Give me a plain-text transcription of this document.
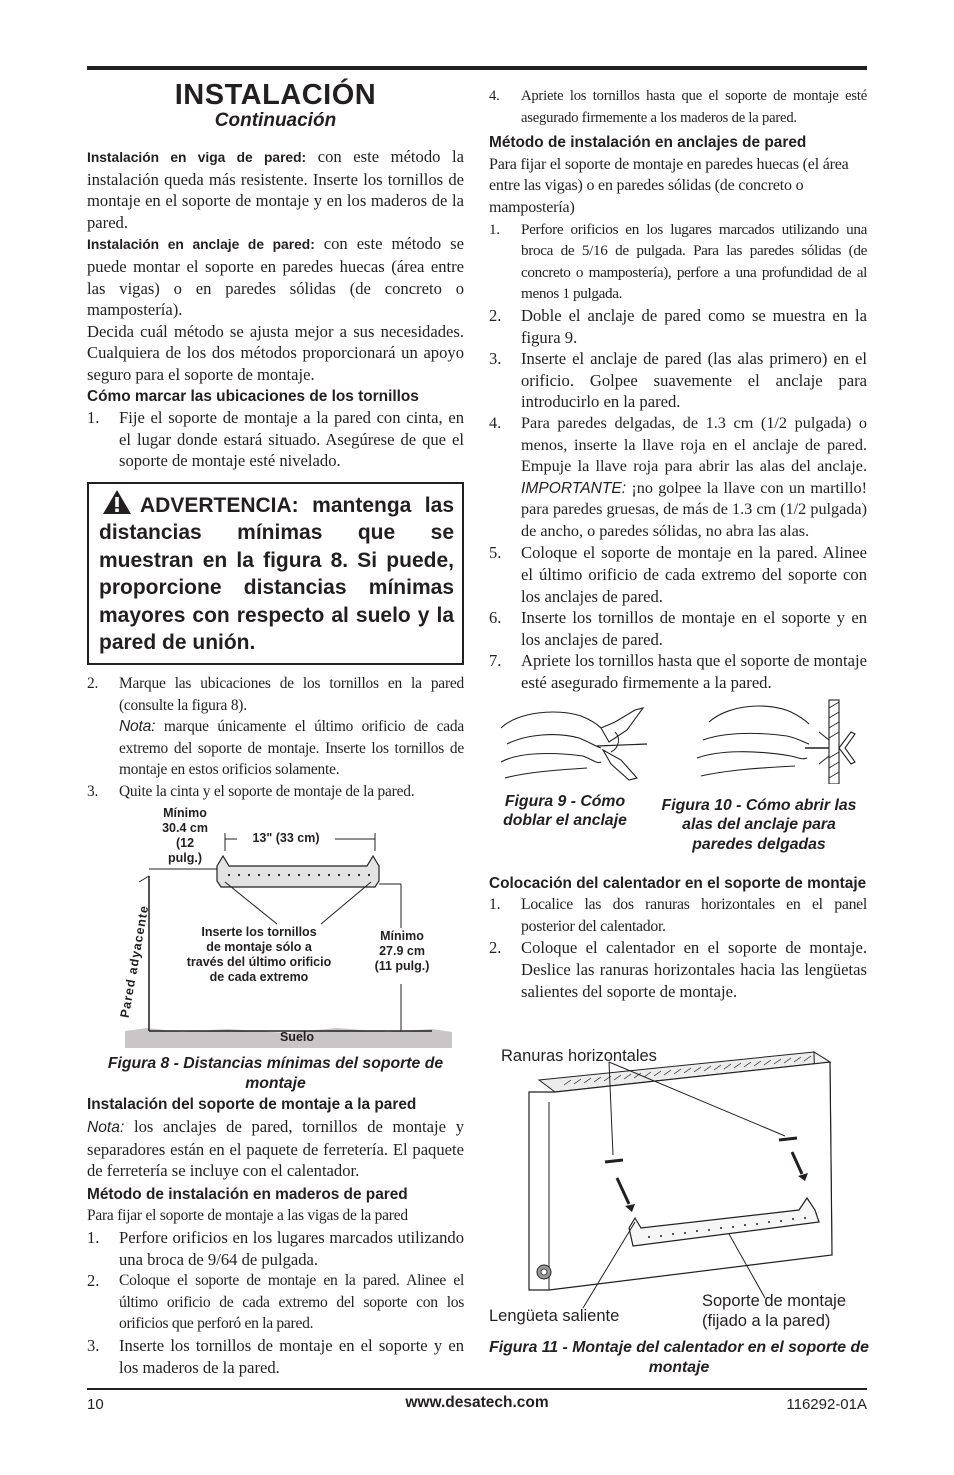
INSTALACIÓN
Continuación

Instalación en viga de pared: con este método la instalación queda más resistente. Inserte los tornillos de montaje en el soporte de montaje y en los maderos de la pared.

Instalación en anclaje de pared: con este método se puede montar el soporte en paredes huecas (área entre las vigas) o en paredes sólidas (de concreto o mampostería).

Decida cuál método se ajusta mejor a sus necesidades. Cualquiera de los dos métodos proporcionará un apoyo seguro para el soporte de montaje.

Cómo marcar las ubicaciones de los tornillos

1.	Fije el soporte de montaje a la pared con cinta, en el lugar donde estará situado. Asegúrese de que el soporte de montaje esté nivelado.
ADVERTENCIA: mantenga las distancias mínimas que se muestran en la figura 8. Si puede, proporcione distancias mínimas mayores con respecto al suelo y la pared de unión.
2.	Marque las ubicaciones de los tornillos en la pared (consulte la figura 8).
Nota: marque únicamente el último orificio de cada extremo del soporte de montaje. Inserte los tornillos de montaje en estos orificios solamente.
3.	Quite la cinta y el soporte de montaje de la pared.
Mínimo
30.4 cm
(12
pulg.)
13" (33 cm)
Inserte los tornillos
de montaje sólo a
través del último orificio
de cada extremo
Mínimo
27.9 cm
(11 pulg.)
Pared adyacente
Suelo
Figura 8 - Distancias mínimas del soporte de montaje

Instalación del soporte de montaje a la pared

Nota: los anclajes de pared, tornillos de montaje y separadores están en el paquete de ferretería. El paquete de ferretería se incluye con el calentador.

Método de instalación en maderos de pared

Para fijar el soporte de montaje a las vigas de la pared

1.	Perfore orificios en los lugares marcados utilizando una broca de 9/64 de pulgada.
2.	Coloque el soporte de montaje en la pared. Alinee el último orificio de cada extremo del soporte con los orificios que perforó en la pared.
3.	Inserte los tornillos de montaje en el soporte y en los maderos de la pared.
4.	Apriete los tornillos hasta que el soporte de montaje esté asegurado firmemente a los maderos de la pared.

Método de instalación en anclajes de pared

Para fijar el soporte de montaje en paredes huecas (el área entre las vigas) o en paredes sólidas (de concreto o mampostería)

1.	Perfore orificios en los lugares marcados utilizando una broca de 5/16 de pulgada. Para las paredes sólidas (de concreto o mampostería), perfore a una profundidad de al menos 1 pulgada.
2.	Doble el anclaje de pared como se muestra en la figura 9.
3.	Inserte el anclaje de pared (las alas primero) en el orificio. Golpee suavemente el anclaje para introducirlo en la pared.
4.	Para paredes delgadas, de 1.3 cm (1/2 pulgada) o menos, inserte la llave roja en el anclaje de pared. Empuje la llave roja para abrir las alas del anclaje. IMPORTANTE: ¡no golpee la llave con un martillo! para paredes gruesas, de más de 1.3 cm (1/2 pulgada) de ancho, o paredes sólidas, no abra las alas.
5.	Coloque el soporte de montaje en la pared. Alinee el último orificio de cada extremo del soporte con los anclajes de pared.
6.	Inserte los tornillos de montaje en el soporte y en los anclajes de pared.
7.	Apriete los tornillos hasta que el soporte de montaje esté asegurado firmemente a la pared.
Figura 9 - Cómo doblar el anclaje
Figura 10 - Cómo abrir las alas del anclaje para paredes delgadas

Colocación del calentador en el soporte de montaje

1.	Localice las dos ranuras horizontales en el panel posterior del calentador.
2.	Coloque el calentador en el soporte de montaje. Deslice las ranuras horizontales hacia las lengüetas salientes del soporte de montaje.
Ranuras horizontales
Lengüeta saliente
Soporte de montaje
(fijado a la pared)
Figura 11 - Montaje del calentador en el soporte de montaje
10	www.desatech.com	116292-01A
